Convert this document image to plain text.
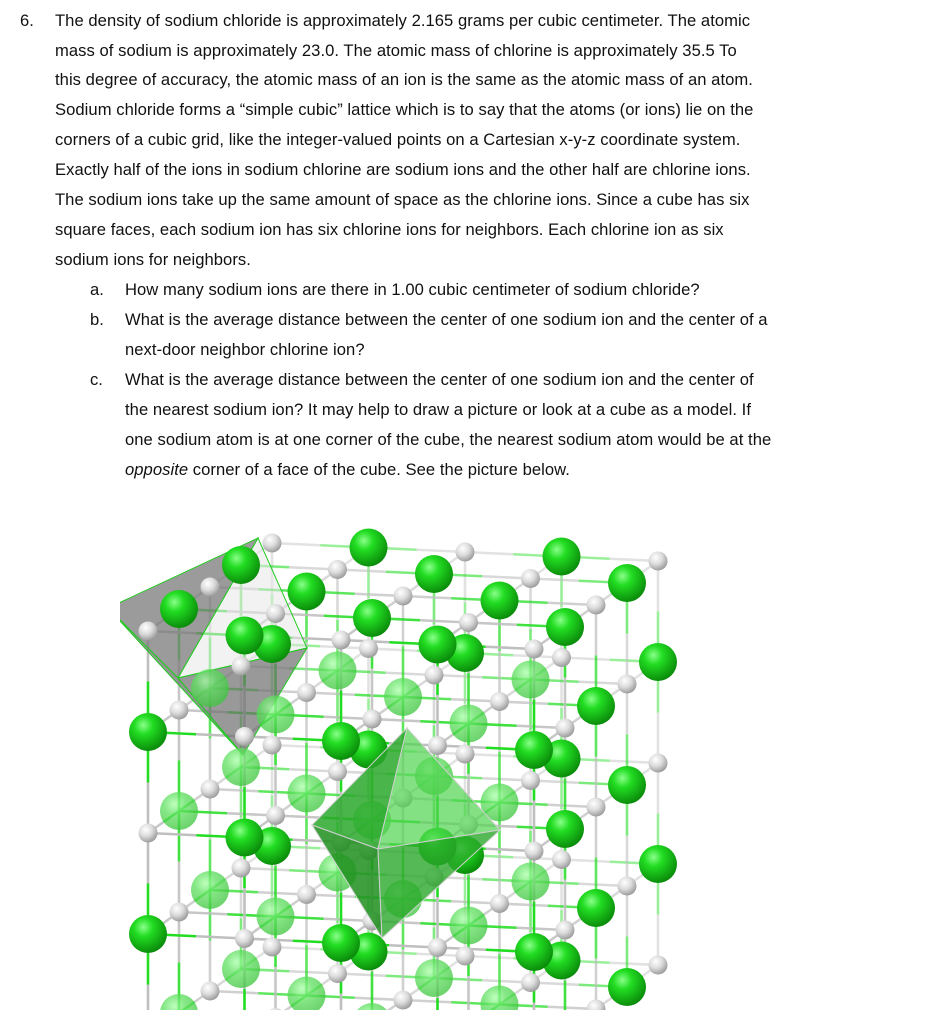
6. The density of sodium chloride is approximately 2.165 grams per cubic centimeter. The atomic
mass of sodium is approximately 23.0. The atomic mass of chlorine is approximately 35.5 To
this degree of accuracy, the atomic mass of an ion is the same as the atomic mass of an atom.
Sodium chloride forms a “simple cubic” lattice which is to say that the atoms (or ions) lie on the
corners of a cubic grid, like the integer-valued points on a Cartesian x-y-z coordinate system.
Exactly half of the ions in sodium chlorine are sodium ions and the other half are chlorine ions.
The sodium ions take up the same amount of space as the chlorine ions. Since a cube has six
square faces, each sodium ion has six chlorine ions for neighbors. Each chlorine ion as six
sodium ions for neighbors.
a. How many sodium ions are there in 1.00 cubic centimeter of sodium chloride?
b. What is the average distance between the center of one sodium ion and the center of a
next-door neighbor chlorine ion?
c. What is the average distance between the center of one sodium ion and the center of
the nearest sodium ion? It may help to draw a picture or look at a cube as a model. If
one sodium atom is at one corner of the cube, the nearest sodium atom would be at the
opposite corner of a face of the cube. See the picture below.
